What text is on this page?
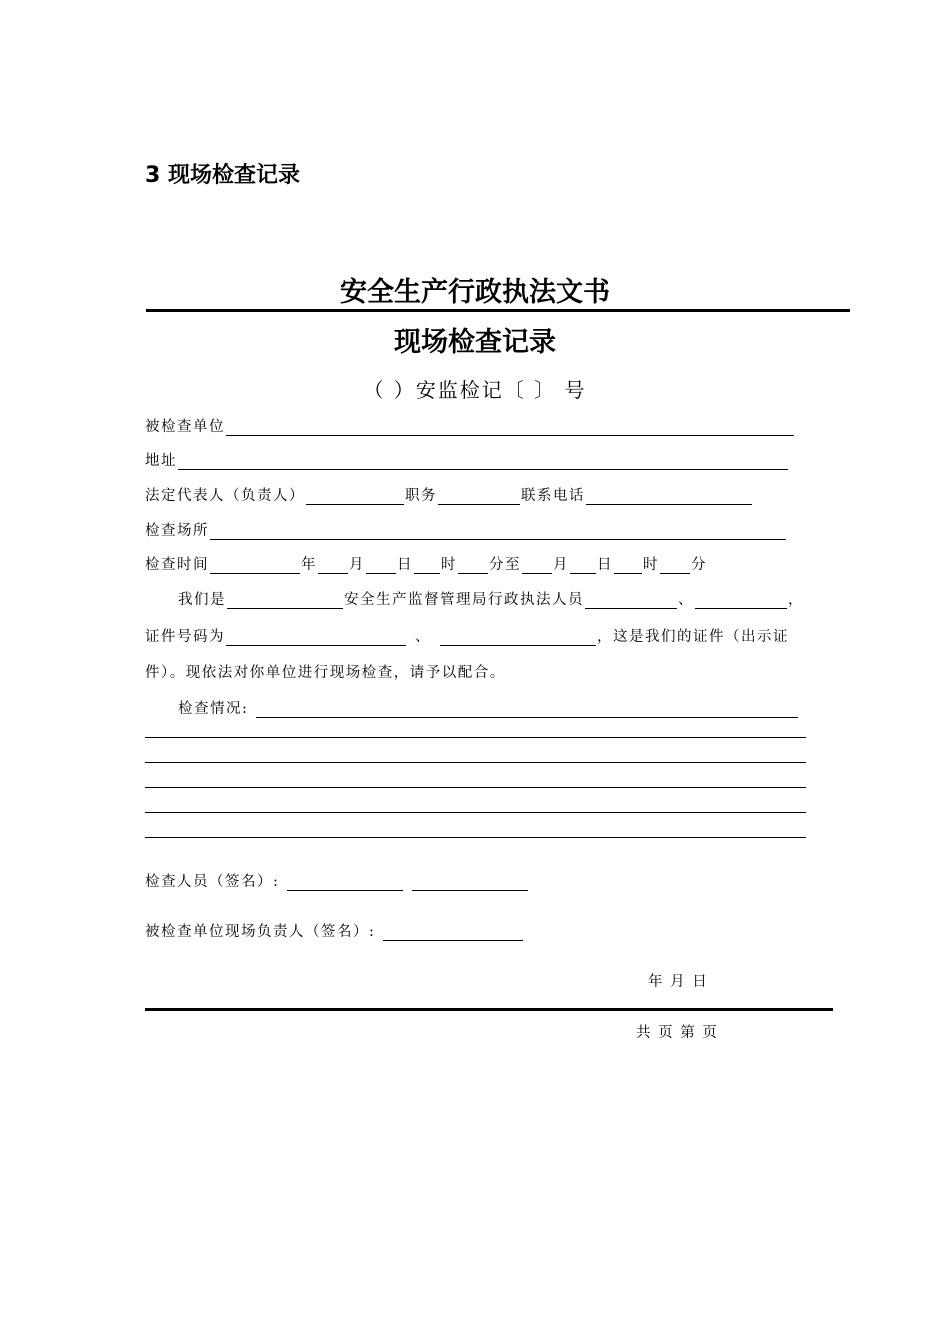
3 现场检查记录
安全生产行政执法文书
现场检查记录
（ ）安监检记〔 〕 号
被检查单位
地址
法定代表人（负责人）	职务	联系电话
检查场所
检查时间	年 月 日 时 分至 月 日 时 分
我们是	安全生产监督管理局行政执法人员	、	，
证件号码为	、	，这是我们的证件（出示证
件）。现依法对你单位进行现场检查，请予以配合。
检查情况:
检查人员（签名）:
被检查单位现场负责人（签名）:
年 月 日
共 页 第 页
